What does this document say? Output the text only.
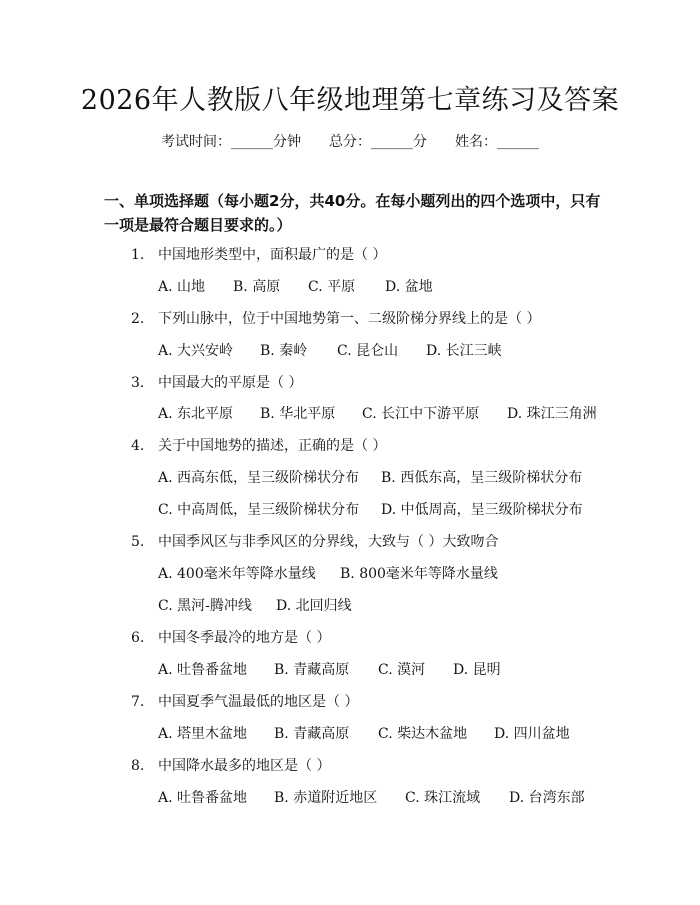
2026年人教版八年级地理第七章练习及答案
考试时间：______分钟 总分：______分 姓名：______
一、单项选择题（每小题2分，共40分。在每小题列出的四个选项中，只有一项是最符合题目要求的。）
1. 中国地形类型中，面积最广的是（ ）
A. 山地 B. 高原 C. 平原 D. 盆地
2. 下列山脉中，位于中国地势第一、二级阶梯分界线上的是（ ）
A. 大兴安岭 B. 秦岭 C. 昆仑山 D. 长江三峡
3. 中国最大的平原是（ ）
A. 东北平原 B. 华北平原 C. 长江中下游平原 D. 珠江三角洲
4. 关于中国地势的描述，正确的是（ ）
A. 西高东低，呈三级阶梯状分布 B. 西低东高，呈三级阶梯状分布
C. 中高周低，呈三级阶梯状分布 D. 中低周高，呈三级阶梯状分布
5. 中国季风区与非季风区的分界线，大致与（ ）大致吻合
A. 400毫米年等降水量线 B. 800毫米年等降水量线
C. 黑河-腾冲线 D. 北回归线
6. 中国冬季最冷的地方是（ ）
A. 吐鲁番盆地 B. 青藏高原 C. 漠河 D. 昆明
7. 中国夏季气温最低的地区是（ ）
A. 塔里木盆地 B. 青藏高原 C. 柴达木盆地 D. 四川盆地
8. 中国降水最多的地区是（ ）
A. 吐鲁番盆地 B. 赤道附近地区 C. 珠江流域 D. 台湾东部
